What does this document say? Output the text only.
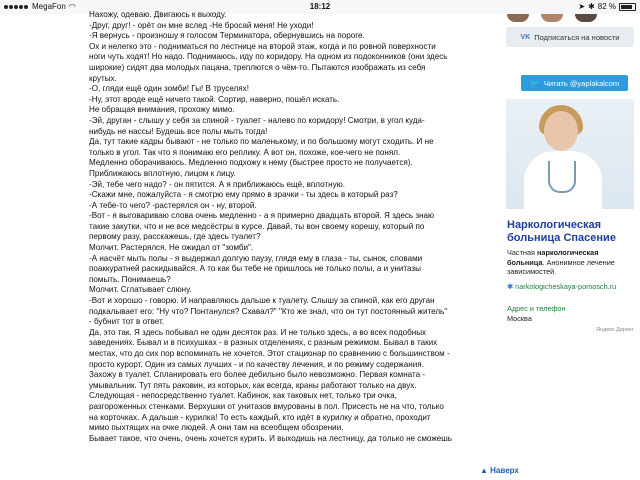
MegaFon ◠	18:12	➤ ✱ 82 %

Нахожу, одеваю. Двигаюсь к выходу.

-Друг, друг! - орёт он мне вслед -Не бросай меня! Не уходи!

-Я вернусь - произношу я голосом Терминатора, обернувшись на пороге.

Ох и нелегко это - подниматься по лестнице на второй этаж, когда и по ровной поверхности

ноги чуть ходят! Но надо. Поднимаюсь, иду по коридору. На одном из подоконников (они здесь

широкие) сидят два молодых пацана, треплются о чём-то. Пытаются изображать из себя

крутых.

-О, гляди ещё один зомби! Гы! В труселях!

-Ну, этот вроде ещё ничего такой. Сортир, наверно, пошёл искать.

Не обращая внимания, прохожу мимо.

-Эй, друган - слышу у себя за спиной - туалет - налево по коридору! Смотри, в угол куда-

нибудь не нассы! Будешь все полы мыть тогда!

Да, тут такие кадры бывают - не только по маленькому, и по большому могут сходить. И не

только в угол. Так что я понимаю его реплику. А вот он, похоже, кое-чего не понял.

Медленно оборачиваюсь. Медленно подхожу к нему (быстрее просто не получается).

Приближаюсь вплотную, лицом к лицу.

-Эй, тебе чего надо? - он пятится. А я приближаюсь ещё, вплотную.

-Скажи мне, пожалуйста - я смотрю ему прямо в зрачки - ты здесь в который раз?

-А тебе-то чего? -растерялся он - ну, второй.

-Вот - я выговариваю слова очень медленно - а я примерно двадцать второй. Я здесь знаю

такие закутки, что и не все медсёстры в курсе. Давай, ты вон своему корешу, который по

первому разу, расскажешь, где здесь туалет?

Молчит. Растерялся. Не ожидал от "зомби".

-А насчёт мыть полы - я выдержал долгую паузу, глядя ему в глаза - ты, сынок, словами

поаккуратней раскидывайся. А то как бы тебе не пришлось не только полы, а и унитазы

помыть. Понимаешь?

Молчит. Сглатывает слюну.

-Вот и хорошо - говорю. И направляюсь дальше к туалету. Слышу за спиной, как его друган

подкалывает его: "Ну что? Понтанулся? Схавал?" "Кто же знал, что он тут постоянный житель"

- бубнит тот в ответ.

Да, это так. Я здесь побывал не один десяток раз. И не только здесь, а во всех подобных

заведениях. Бывал и в психушках - в разных отделениях, с разным режимом. Бывал в таких

местах, что до сих пор вспоминать не хочется. Этот стационар по сравнению с большинством -

просто курорт. Один из самых лучших - и по качеству лечения, и по режиму содержания.

Захожу в туалет. Спланировать его более дебильно было невозможно. Первая комната -

умывальник. Тут пять раковин, из которых, как всегда, краны работают только на двух.

Следующая - непосредственно туалет. Кабинок, как таковых нет, только три очка,

разгороженных стенками. Верхушки от унитазов вмурованы в пол. Присесть не на что, только

на корточках. А дальше - курилка! То есть каждый, кто идёт в курилку и обратно, проходит

мимо пыхтящих на очке людей. А они там на всеобщем обозрении.

Бывает такое, что очень, очень хочется курить. И выходишь на лестницу, да только не сможешь

VK Подписаться на новости
🐦 Читать @yaplakalcom
Наркологическая больница Спасение
Частная наркологическая больница. Анонимное лечение зависимостей.
✱ narkologicheskaya-pomosch.ru
Адрес и телефон
Москва
Яндекс.Директ
▲ Наверх
